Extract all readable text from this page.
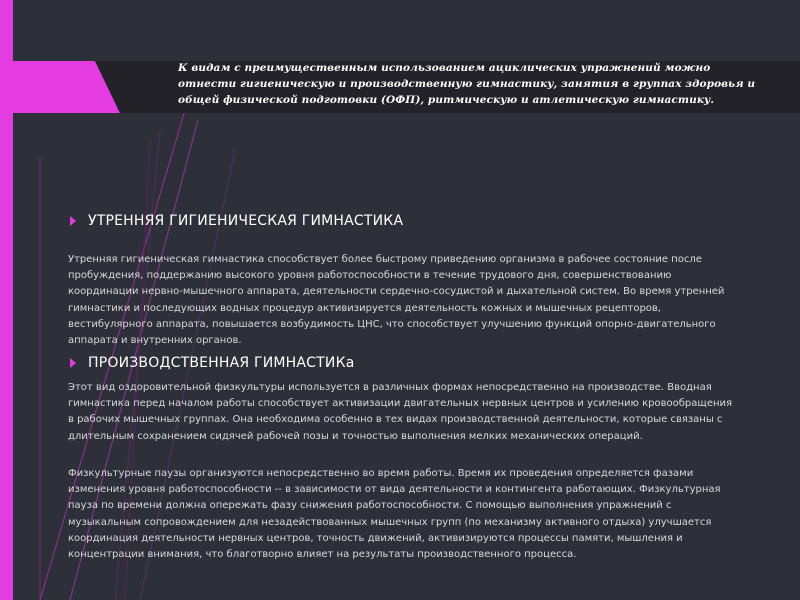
К видам с преимущественным использованием ациклических упражнений можно отнести гигиеническую и производственную гимнастику, занятия в группах здоровья и общей физической подготовки (ОФП), ритмическую и атлетическую гимнастику.
УТРЕННЯЯ ГИГИЕНИЧЕСКАЯ ГИМНАСТИКА

Утренняя гигиеническая гимнастика способствует более быстрому приведению организма в рабочее состояние после пробуждения, поддержанию высокого уровня работоспособности в течение трудового дня, совершенствованию координации нервно-мышечного аппарата, деятельности сердечно-сосудистой и дыхательной систем. Во время утренней гимнастики и последующих водных процедур активизируется деятельность кожных и мышечных рецепторов, вестибулярного аппарата, повышается возбудимость ЦНС, что способствует улучшению функций опорно-двигательного аппарата и внутренних органов.

ПРОИЗВОДСТВЕННАЯ ГИМНАСТИКа

Этот вид оздоровительной физкультуры используется в различных формах непосредственно на производстве. Вводная гимнастика перед началом работы способствует активизации двигательных нервных центров и усилению кровообращения в рабочих мышечных группах. Она необходима особенно в тех видах производственной деятельности, которые связаны с длительным сохранением сидячей рабочей позы и точностью выполнения мелких механических операций.

Физкультурные паузы организуются непосредственно во время работы. Время их проведения определяется фазами изменения уровня работоспособности -- в зависимости от вида деятельности и контингента работающих. Физкультурная пауза по времени должна опережать фазу снижения работоспособности. С помощью выполнения упражнений с музыкальным сопровождением для незадействованных мышечных групп (по механизму активного отдыха) улучшается координация деятельности нервных центров, точность движений, активизируются процессы памяти, мышления и концентрации внимания, что благотворно влияет на результаты производственного процесса.
